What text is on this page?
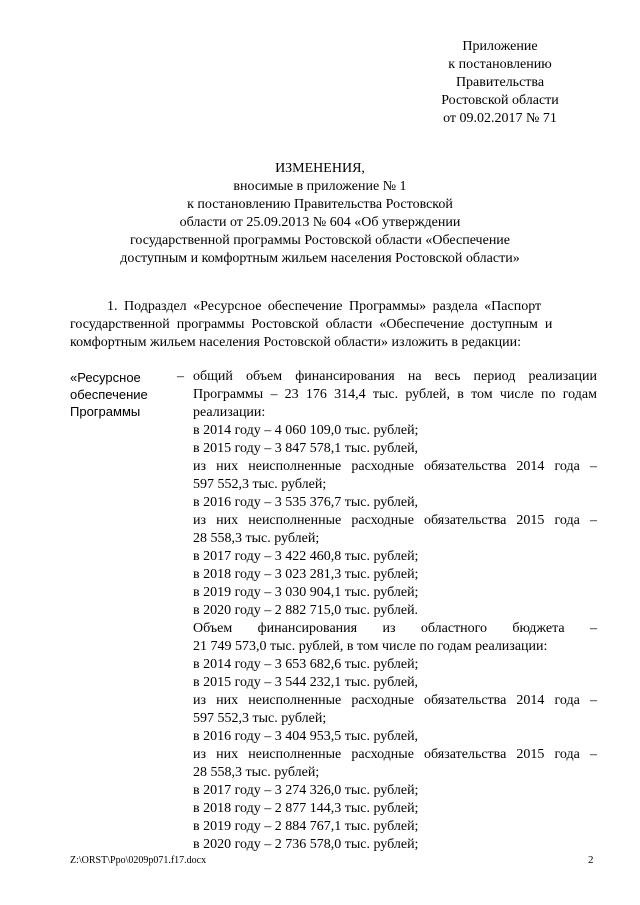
Приложение
к постановлению
Правительства
Ростовской области
от 09.02.2017 № 71
ИЗМЕНЕНИЯ,
вносимые в приложение № 1
к постановлению Правительства Ростовской
области от 25.09.2013 № 604 «Об утверждении
государственной программы Ростовской области «Обеспечение
доступным и комфортным жильем населения Ростовской области»
1. Подраздел «Ресурсное обеспечение Программы» раздела «Паспорт
государственной программы Ростовской области «Обеспечение доступным и
комфортным жильем населения Ростовской области» изложить в редакции:
«Ресурсное
обеспечение
Программы
– общий объем финансирования на весь период реализации
Программы – 23 176 314,4 тыс. рублей, в том числе по годам
реализации:
в 2014 году – 4 060 109,0 тыс. рублей;
в 2015 году – 3 847 578,1 тыс. рублей,
из них неисполненные расходные обязательства 2014 года –
597 552,3 тыс. рублей;
в 2016 году – 3 535 376,7 тыс. рублей,
из них неисполненные расходные обязательства 2015 года –
28 558,3 тыс. рублей;
в 2017 году – 3 422 460,8 тыс. рублей;
в 2018 году – 3 023 281,3 тыс. рублей;
в 2019 году – 3 030 904,1 тыс. рублей;
в 2020 году – 2 882 715,0 тыс. рублей.
Объем финансирования из областного бюджета –
21 749 573,0 тыс. рублей, в том числе по годам реализации:
в 2014 году – 3 653 682,6 тыс. рублей;
в 2015 году – 3 544 232,1 тыс. рублей,
из них неисполненные расходные обязательства 2014 года –
597 552,3 тыс. рублей;
в 2016 году – 3 404 953,5 тыс. рублей,
из них неисполненные расходные обязательства 2015 года –
28 558,3 тыс. рублей;
в 2017 году – 3 274 326,0 тыс. рублей;
в 2018 году – 2 877 144,3 тыс. рублей;
в 2019 году – 2 884 767,1 тыс. рублей;
в 2020 году – 2 736 578,0 тыс. рублей;
Z:\ORST\Ppo\0209p071.f17.docx	2
